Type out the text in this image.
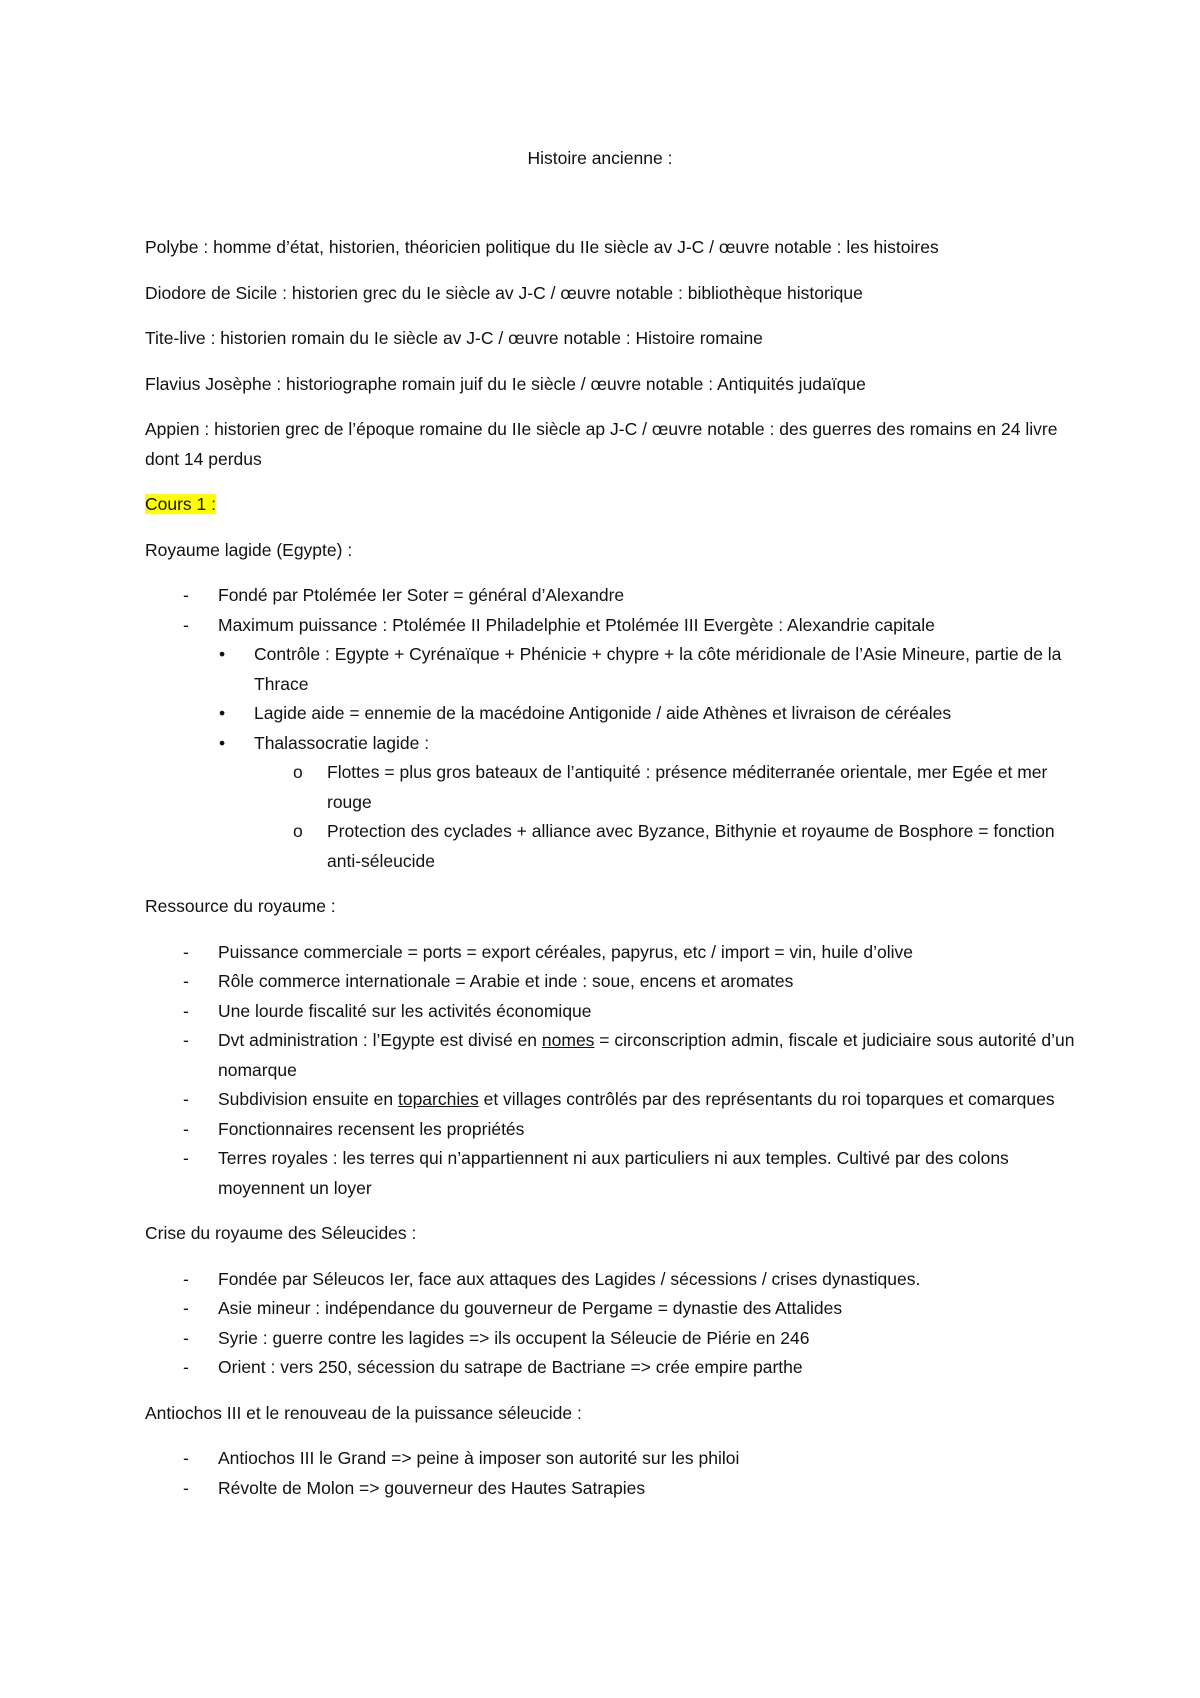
Histoire ancienne :

Polybe : homme d’état, historien, théoricien politique du IIe siècle av J-C / œuvre notable : les histoires

Diodore de Sicile : historien grec du Ie siècle av J-C / œuvre notable : bibliothèque historique

Tite-live : historien romain du Ie siècle av J-C / œuvre notable : Histoire romaine

Flavius Josèphe : historiographe romain juif du Ie siècle / œuvre notable : Antiquités judaïque

Appien : historien grec de l’époque romaine du IIe siècle ap J-C / œuvre notable : des guerres des romains en 24 livre dont 14 perdus

Cours 1 :

Royaume lagide (Egypte) :

- Fondé par Ptolémée Ier Soter = général d’Alexandre
- Maximum puissance : Ptolémée II Philadelphie et Ptolémée III Evergète : Alexandrie capitale
• Contrôle : Egypte + Cyrénaïque + Phénicie + chypre + la côte méridionale de l’Asie Mineure, partie de la Thrace
• Lagide aide = ennemie de la macédoine Antigonide / aide Athènes et livraison de céréales
• Thalassocratie lagide :
o Flottes = plus gros bateaux de l’antiquité : présence méditerranée orientale, mer Egée et mer rouge
o Protection des cyclades + alliance avec Byzance, Bithynie et royaume de Bosphore = fonction anti-séleucide

Ressource du royaume :

- Puissance commerciale = ports = export céréales, papyrus, etc / import = vin, huile d’olive
- Rôle commerce internationale = Arabie et inde : soue, encens et aromates
- Une lourde fiscalité sur les activités économique
- Dvt administration : l’Egypte est divisé en nomes = circonscription admin, fiscale et judiciaire sous autorité d’un nomarque
- Subdivision ensuite en toparchies et villages contrôlés par des représentants du roi toparques et comarques
- Fonctionnaires recensent les propriétés
- Terres royales : les terres qui n’appartiennent ni aux particuliers ni aux temples. Cultivé par des colons moyennent un loyer

Crise du royaume des Séleucides :

- Fondée par Séleucos Ier, face aux attaques des Lagides / sécessions / crises dynastiques.
- Asie mineur : indépendance du gouverneur de Pergame = dynastie des Attalides
- Syrie : guerre contre les lagides => ils occupent la Séleucie de Piérie en 246
- Orient : vers 250, sécession du satrape de Bactriane => crée empire parthe

Antiochos III et le renouveau de la puissance séleucide :

- Antiochos III le Grand => peine à imposer son autorité sur les philoi
- Révolte de Molon => gouverneur des Hautes Satrapies
